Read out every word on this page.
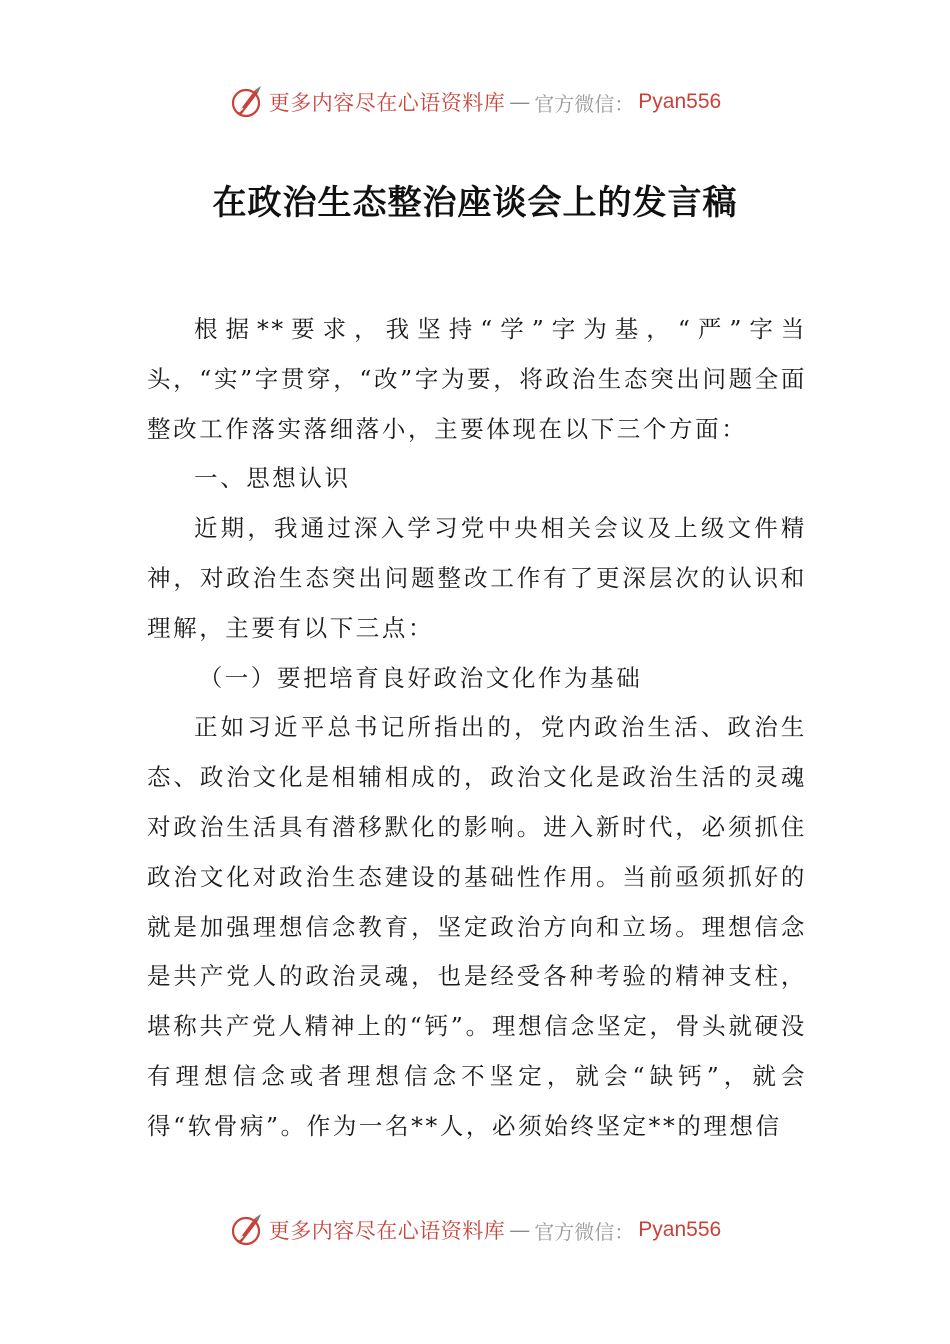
更多内容尽在心语资料库 — 官方微信： Pyan556
在政治生态整治座谈会上的发言稿

根据**要求，我坚持“学”字为基，“严”字当头，“实”字贯穿，“改”字为要，将政治生态突出问题全面整改工作落实落细落小，主要体现在以下三个方面：

一、思想认识

近期，我通过深入学习党中央相关会议及上级文件精神，对政治生态突出问题整改工作有了更深层次的认识和理解，主要有以下三点：

（一）要把培育良好政治文化作为基础

正如习近平总书记所指出的，党内政治生活、政治生态、政治文化是相辅相成的，政治文化是政治生活的灵魂对政治生活具有潜移默化的影响。进入新时代，必须抓住政治文化对政治生态建设的基础性作用。当前亟须抓好的就是加强理想信念教育，坚定政治方向和立场。理想信念是共产党人的政治灵魂，也是经受各种考验的精神支柱，堪称共产党人精神上的“钙”。理想信念坚定，骨头就硬没有理想信念或者理想信念不坚定，就会“缺钙”，就会得“软骨病”。作为一名**人，必须始终坚定**的理想信

更多内容尽在心语资料库 — 官方微信： Pyan556
